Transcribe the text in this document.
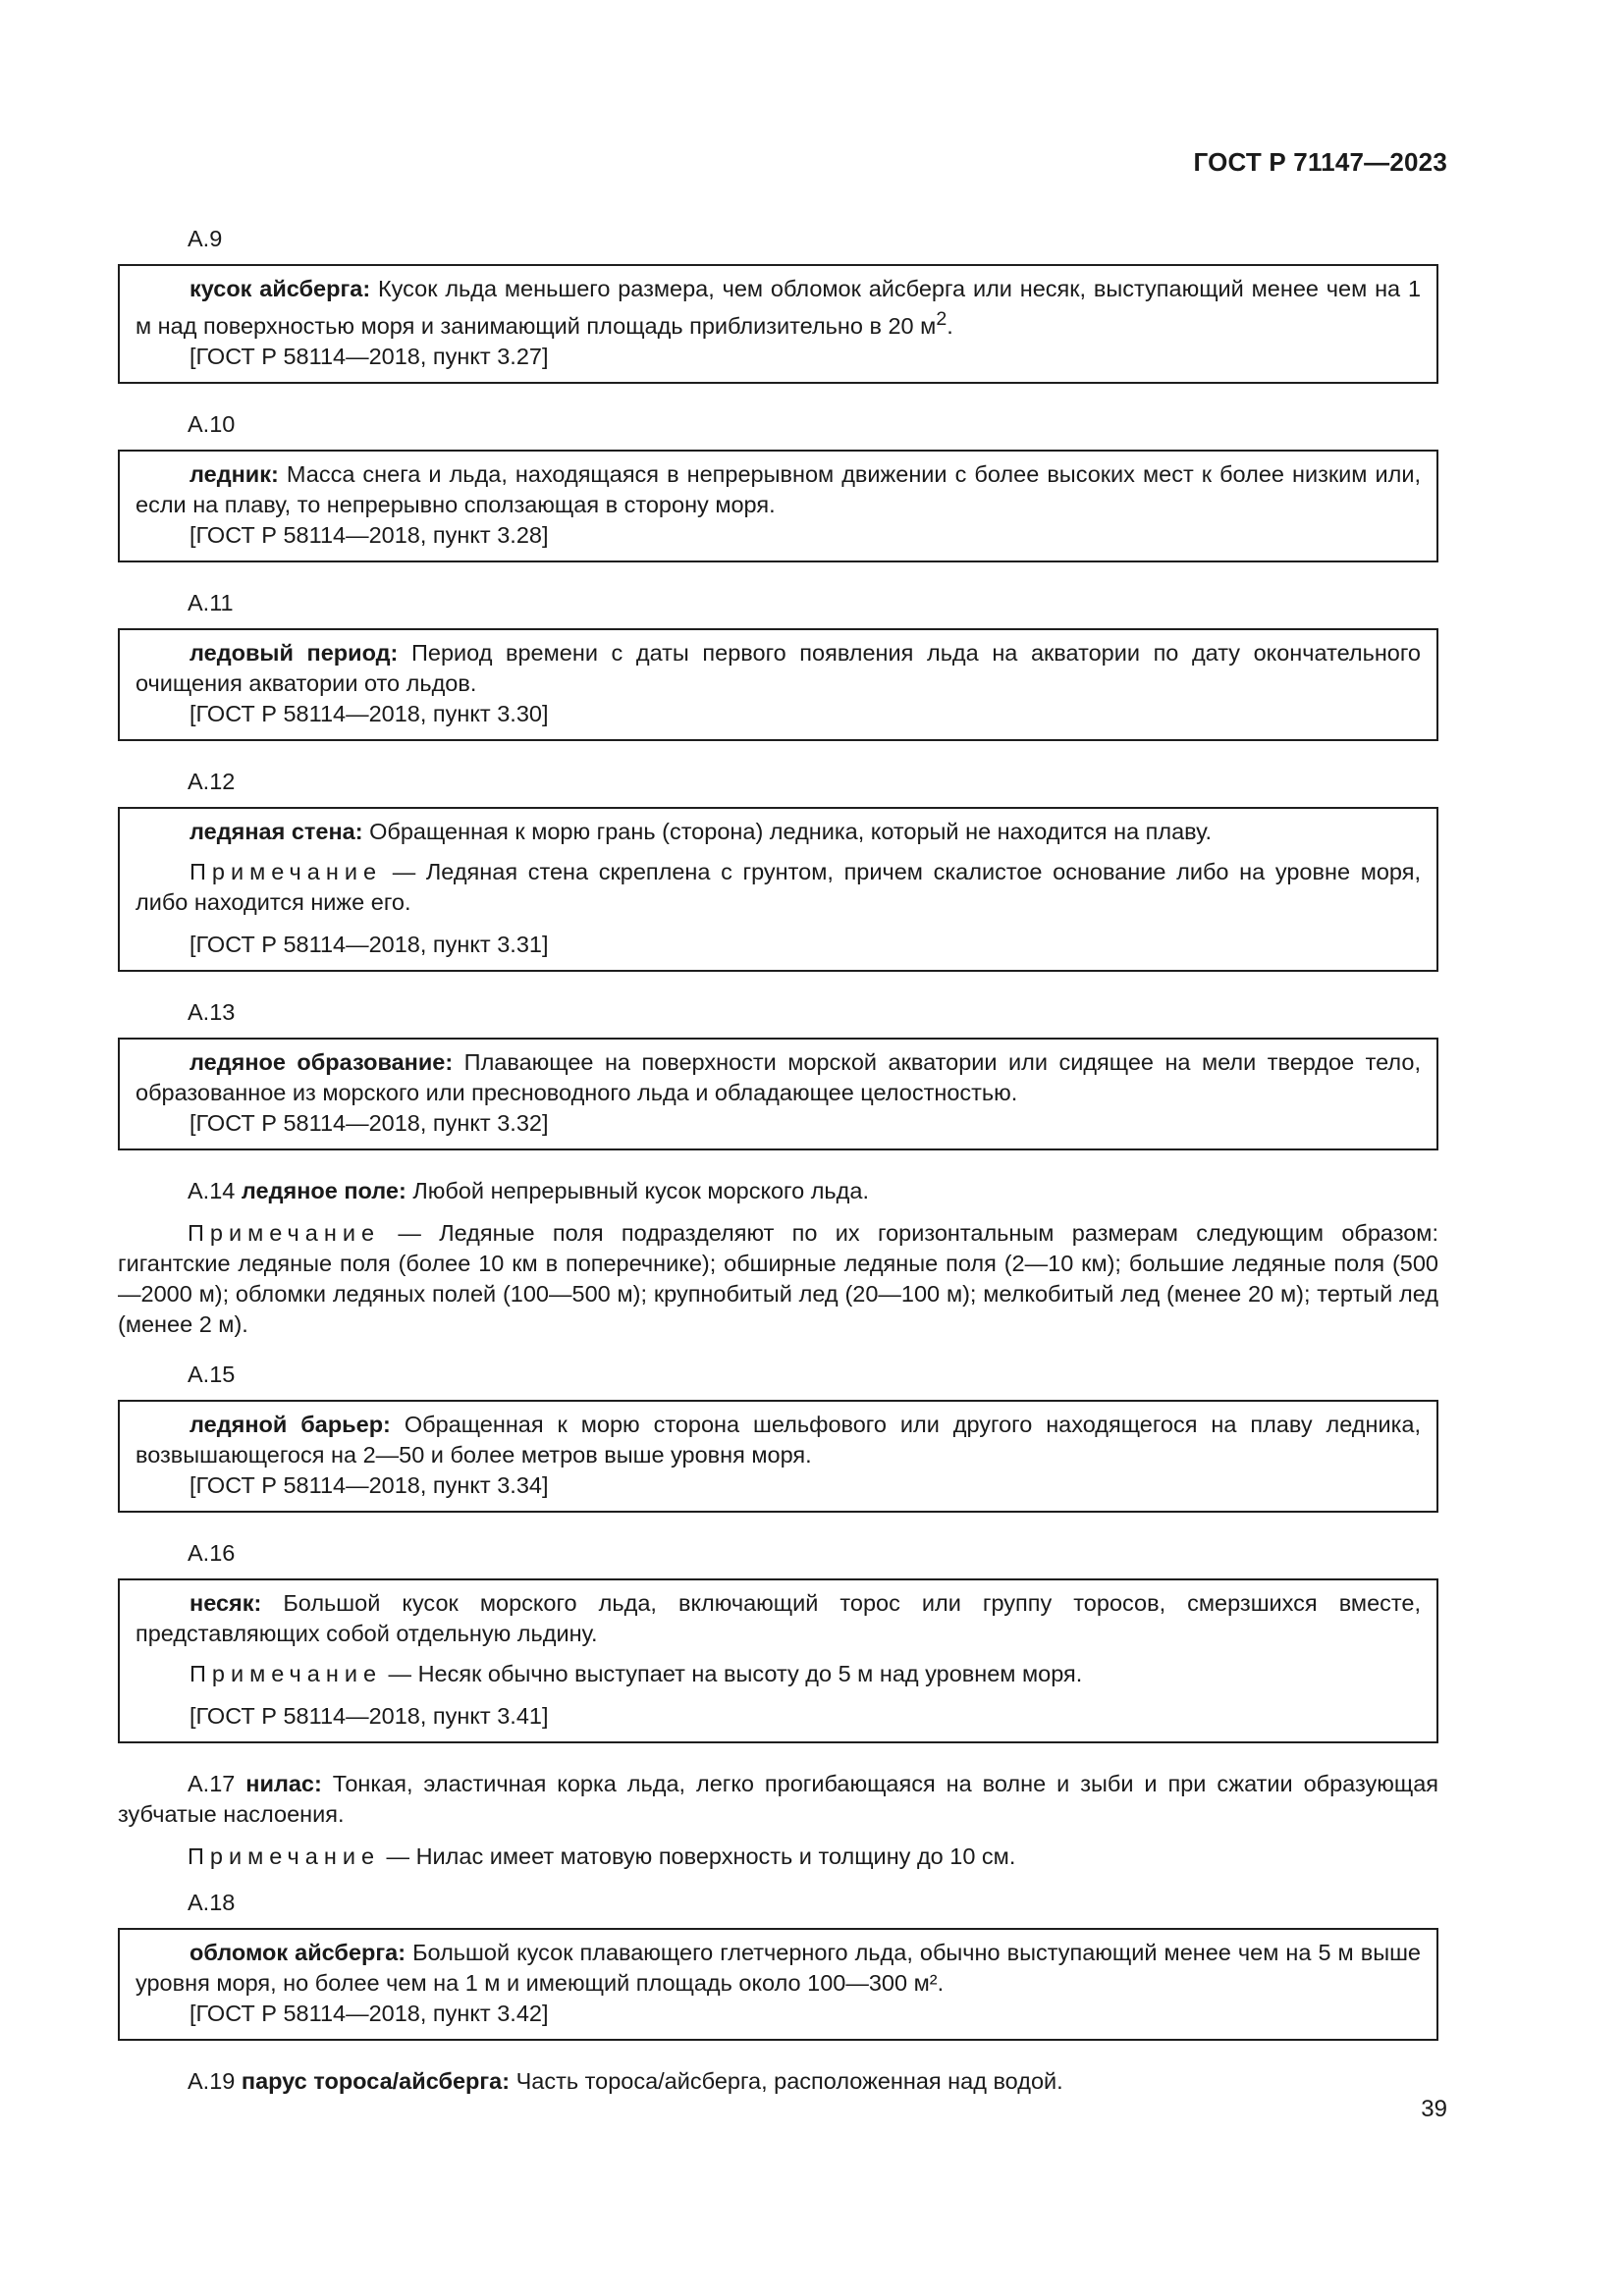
ГОСТ Р 71147—2023

А.9

кусок айсберга: Кусок льда меньшего размера, чем обломок айсберга или несяк, выступающий менее чем на 1 м над поверхностью моря и занимающий площадь приблизительно в 20 $м^2$.

[ГОСТ Р 58114—2018, пункт 3.27]

А.10

ледник: Масса снега и льда, находящаяся в непрерывном движении с более высоких мест к более низким или, если на плаву, то непрерывно сползающая в сторону моря.

[ГОСТ Р 58114—2018, пункт 3.28]

А.11

ледовый период: Период времени с даты первого появления льда на акватории по дату окончательного очищения акватории ото льдов.

[ГОСТ Р 58114—2018, пункт 3.30]

А.12

ледяная стена: Обращенная к морю грань (сторона) ледника, который не находится на плаву.

Примечание — Ледяная стена скреплена с грунтом, причем скалистое основание либо на уровне моря, либо находится ниже его.

[ГОСТ Р 58114—2018, пункт 3.31]

А.13

ледяное образование: Плавающее на поверхности морской акватории или сидящее на мели твердое тело, образованное из морского или пресноводного льда и обладающее целостностью.

[ГОСТ Р 58114—2018, пункт 3.32]

А.14 ледяное поле: Любой непрерывный кусок морского льда.

Примечание — Ледяные поля подразделяют по их горизонтальным размерам следующим образом: гигантские ледяные поля (более 10 км в поперечнике); обширные ледяные поля (2—10 км); большие ледяные поля (500—2000 м); обломки ледяных полей (100—500 м); крупнобитый лед (20—100 м); мелкобитый лед (менее 20 м); тертый лед (менее 2 м).

А.15

ледяной барьер: Обращенная к морю сторона шельфового или другого находящегося на плаву ледника, возвышающегося на 2—50 и более метров выше уровня моря.

[ГОСТ Р 58114—2018, пункт 3.34]

А.16

несяк: Большой кусок морского льда, включающий торос или группу торосов, смерзшихся вместе, представляющих собой отдельную льдину.

Примечание — Несяк обычно выступает на высоту до 5 м над уровнем моря.

[ГОСТ Р 58114—2018, пункт 3.41]

А.17 нилас: Тонкая, эластичная корка льда, легко прогибающаяся на волне и зыби и при сжатии образующая зубчатые наслоения.

Примечание — Нилас имеет матовую поверхность и толщину до 10 см.

А.18

обломок айсберга: Большой кусок плавающего глетчерного льда, обычно выступающий менее чем на 5 м выше уровня моря, но более чем на 1 м и имеющий площадь около 100—300 м².

[ГОСТ Р 58114—2018, пункт 3.42]

А.19 парус тороса/айсберга: Часть тороса/айсберга, расположенная над водой.

39
